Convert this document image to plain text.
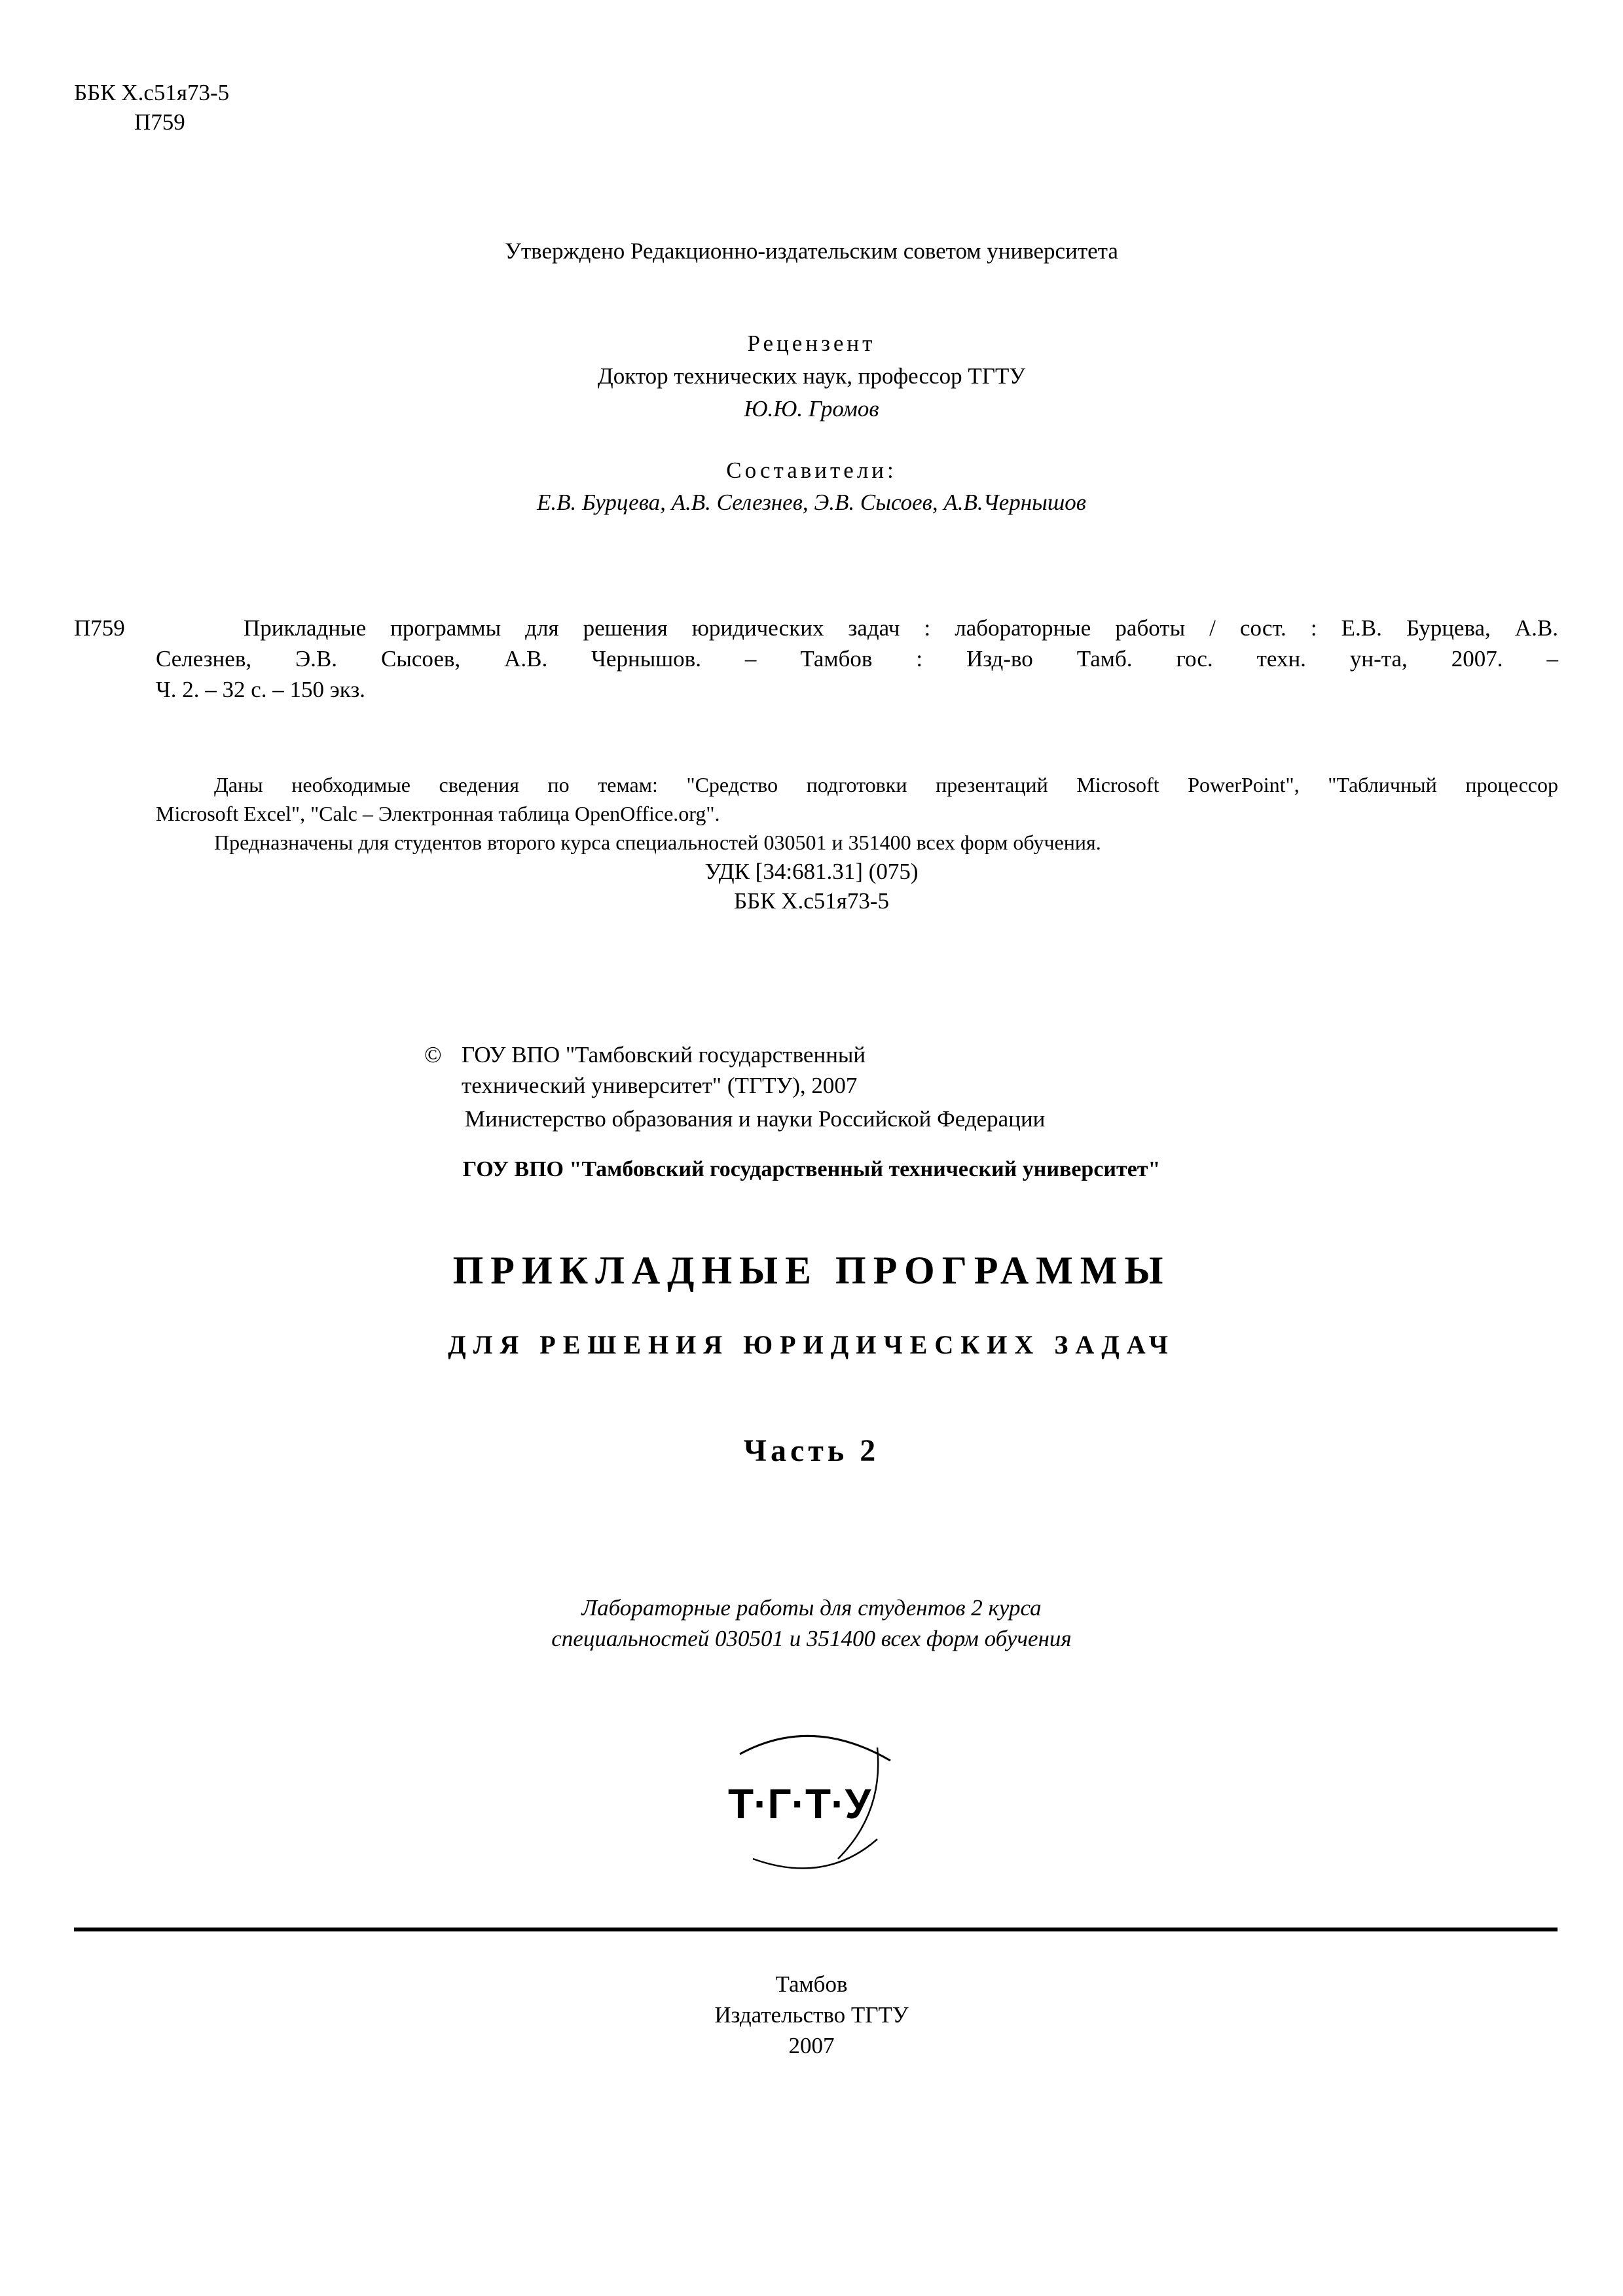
ББК Х.с51я73-5
П759
Утверждено Редакционно-издательским советом университета
Рецензент
Доктор технических наук, профессор ТГТУ
Ю.Ю. Громов
Составители:
Е.В. Бурцева, А.В. Селезнев, Э.В. Сысоев, А.В.Чернышов
П759	Прикладные программы для решения юридических задач : лабораторные работы / сост. : Е.В. Бурцева, А.В.
Селезнев, Э.В. Сысоев, А.В. Чернышов. – Тамбов : Изд-во Тамб. гос. техн. ун-та, 2007. –
Ч. 2. – 32 с. – 150 экз.
Даны необходимые сведения по темам: "Средство подготовки презентаций Microsoft PowerPoint", "Табличный процессор
Microsoft Excel", "Calc – Электронная таблица OpenOffice.org".
Предназначены для студентов второго курса специальностей 030501 и 351400 всех форм обучения.
УДК [34:681.31] (075)
ББК Х.с51я73-5
© ГОУ ВПО "Тамбовский государственный
технический университет" (ТГТУ), 2007
Министерство образования и науки Российской Федерации
ГОУ ВПО "Тамбовский государственный технический университет"
ПРИКЛАДНЫЕ ПРОГРАММЫ
ДЛЯ РЕШЕНИЯ ЮРИДИЧЕСКИХ ЗАДАЧ
Часть 2
Лабораторные работы для студентов 2 курса
специальностей 030501 и 351400 всех форм обучения
Т·Г·Т·У
Тамбов
Издательство ТГТУ
2007
